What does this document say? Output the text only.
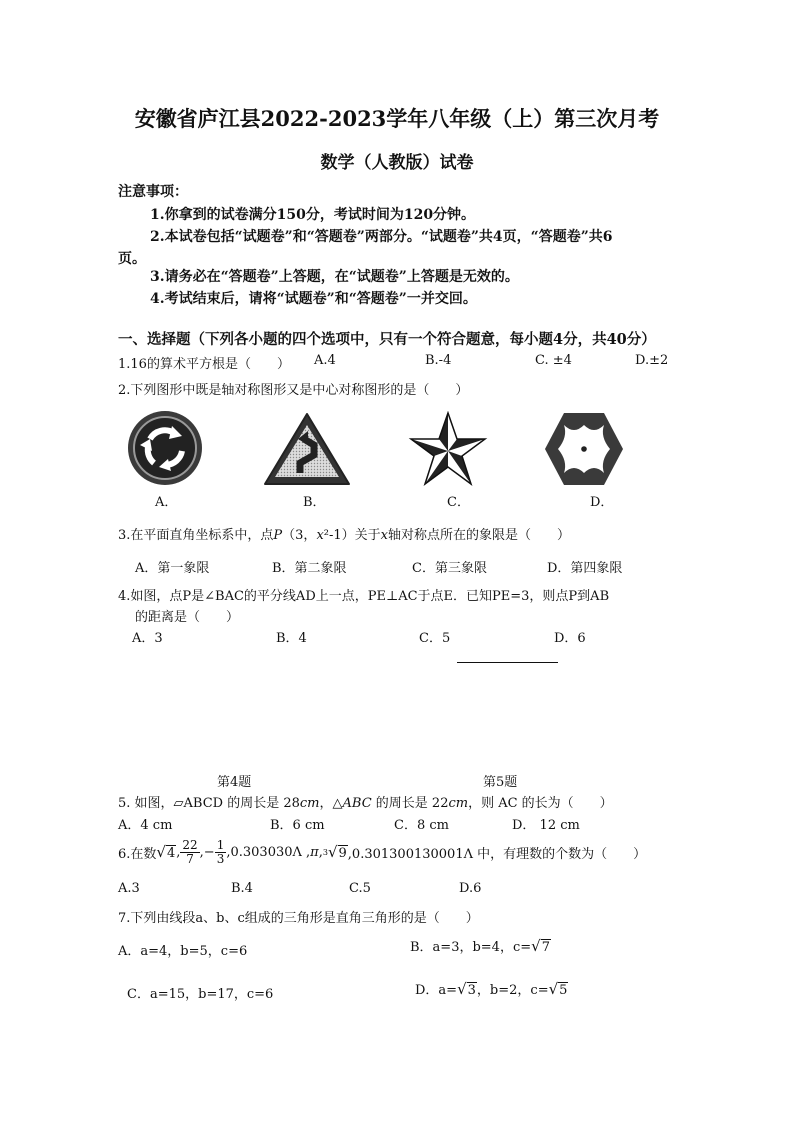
安徽省庐江县2022-2023学年八年级（上）第三次月考
数学（人教版）试卷
注意事项：
1.你拿到的试卷满分150分，考试时间为120分钟。
2.本试卷包括“试题卷”和“答题卷”两部分。“试题卷”共4页，“答题卷”共6
页。
3.请务必在“答题卷”上答题，在“试题卷”上答题是无效的。
4.考试结束后，请将“试题卷”和“答题卷”一并交回。
一、选择题（下列各小题的四个选项中，只有一个符合题意，每小题4分，共40分）
1.16的算术平方根是（　　） A.4	B.-4	C. ±4	D.±2
2.下列图形中既是轴对称图形又是中心对称图形的是（　　）
A．	B．	C．	D．
3.在平面直角坐标系中，点P（3，x²-1）关于x轴对称点所在的象限是（　　）
A．第一象限	B．第二象限	C．第三象限	D．第四象限
4.如图，点P是∠BAC的平分线AD上一点，PE⊥AC于点E．已知PE=3，则点P到AB
的距离是（　　）
A．3	B．4	C．5	D．6
第4题	第5题
5. 如图，▱ABCD 的周长是 28cm，△ABC 的周长是 22cm，则 AC 的长为（　　）
A．4 cm	B．6 cm	C．8 cm	D． 12 cm
6.在数 √ 4 , $\frac{22}{7}$ ,− $\frac{1}{3} ,0.303030\Lambda$ , π ,$^3$ √ 9 ,0.301300130001Λ 中，有理数的个数为（　　）
A.3	B.4	C.5	D.6
7.下列由线段a、b、c组成的三角形是直角三角形的是（　　）
A．a=4，b=5，c=6	B．a=3，b=4，c= √ 7
C．a=15，b=17，c=6	D．a= √ 3 ，b=2，c= √ 5
